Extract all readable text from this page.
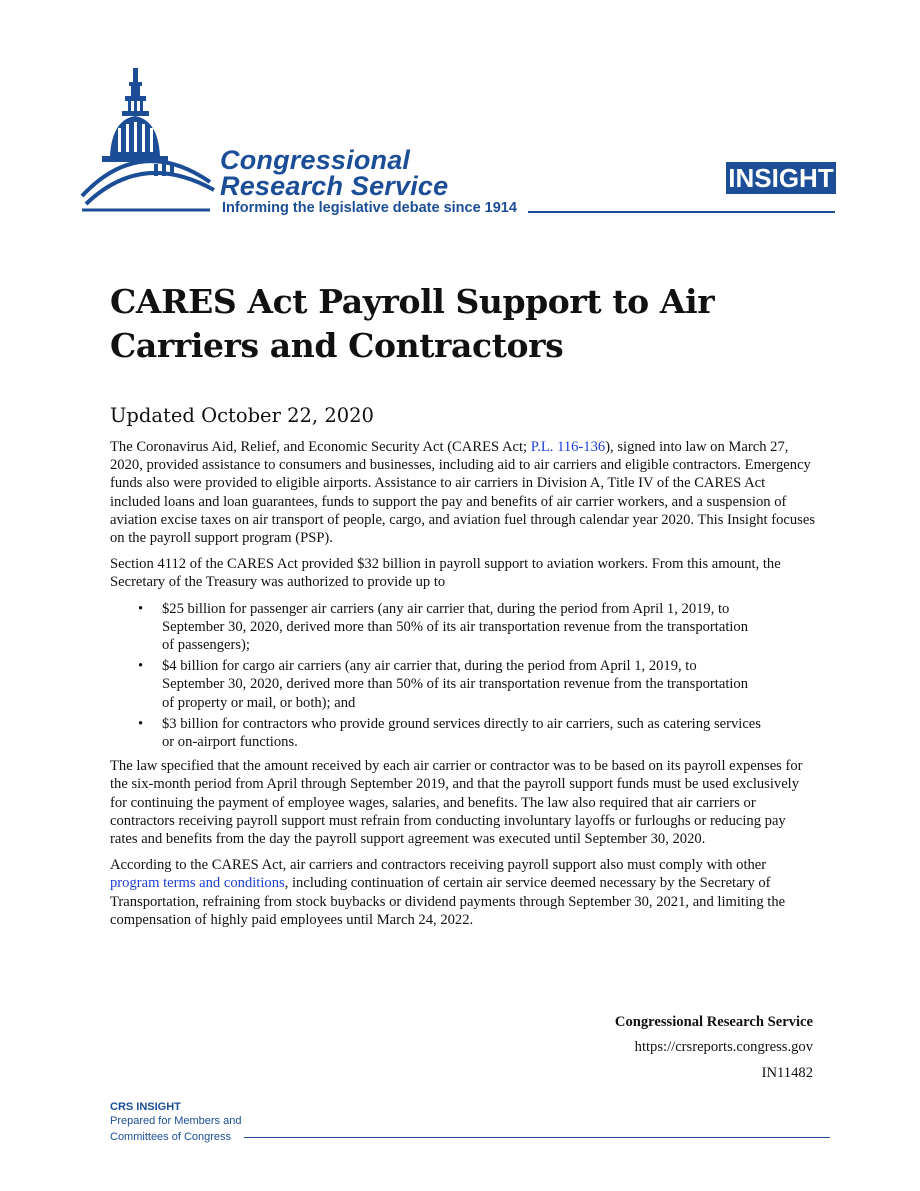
Congressional
Research Service
Informing the legislative debate since 1914
INSIGHT
CARES Act Payroll Support to Air Carriers and Contractors
Updated October 22, 2020

The Coronavirus Aid, Relief, and Economic Security Act (CARES Act; P.L. 116-136), signed into law on March 27, 2020, provided assistance to consumers and businesses, including aid to air carriers and eligible contractors. Emergency funds also were provided to eligible airports. Assistance to air carriers in Division A, Title IV of the CARES Act included loans and loan guarantees, funds to support the pay and benefits of air carrier workers, and a suspension of aviation excise taxes on air transport of people, cargo, and aviation fuel through calendar year 2020. This Insight focuses on the payroll support program (PSP).

Section 4112 of the CARES Act provided $32 billion in payroll support to aviation workers. From this amount, the Secretary of the Treasury was authorized to provide up to

• $25 billion for passenger air carriers (any air carrier that, during the period from April 1, 2019, to September 30, 2020, derived more than 50% of its air transportation revenue from the transportation of passengers);
• $4 billion for cargo air carriers (any air carrier that, during the period from April 1, 2019, to September 30, 2020, derived more than 50% of its air transportation revenue from the transportation of property or mail, or both); and
• $3 billion for contractors who provide ground services directly to air carriers, such as catering services or on-airport functions.

The law specified that the amount received by each air carrier or contractor was to be based on its payroll expenses for the six-month period from April through September 2019, and that the payroll support funds must be used exclusively for continuing the payment of employee wages, salaries, and benefits. The law also required that air carriers or contractors receiving payroll support must refrain from conducting involuntary layoffs or furloughs or reducing pay rates and benefits from the day the payroll support agreement was executed until September 30, 2020.

According to the CARES Act, air carriers and contractors receiving payroll support also must comply with other program terms and conditions, including continuation of certain air service deemed necessary by the Secretary of Transportation, refraining from stock buybacks or dividend payments through September 30, 2021, and limiting the compensation of highly paid employees until March 24, 2022.

Congressional Research Service
https://crsreports.congress.gov
IN11482
CRS INSIGHT
Prepared for Members and
Committees of Congress
